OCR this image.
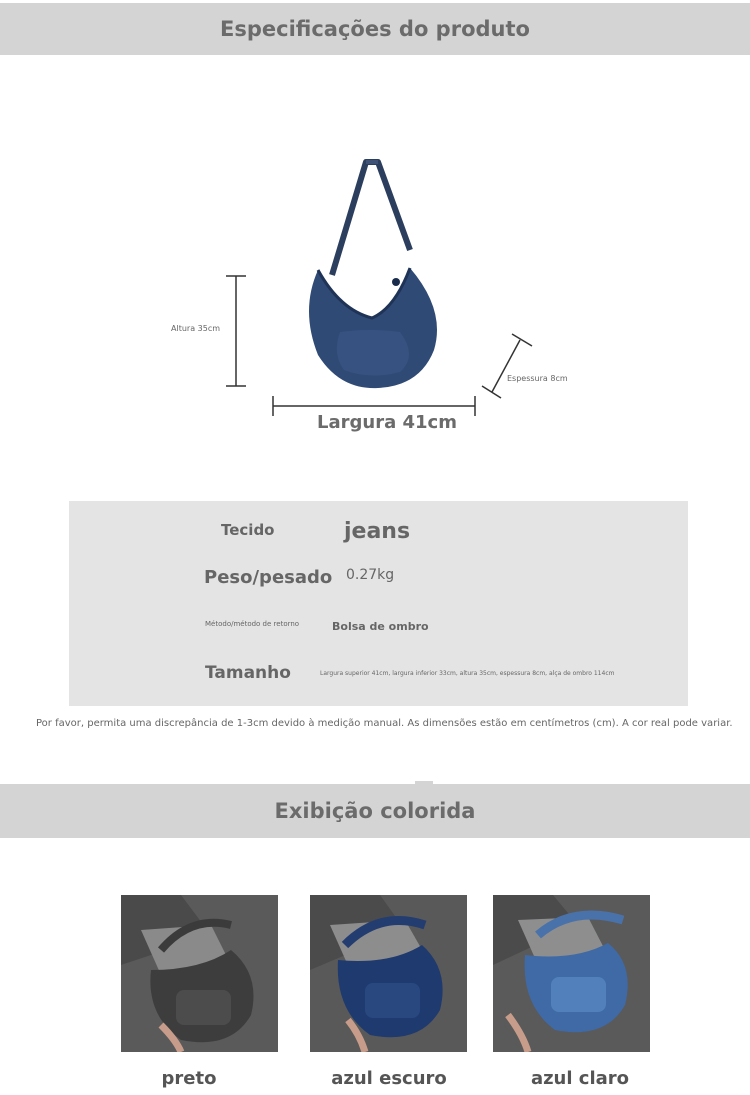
Especificações do produto
Altura 35cm
Espessura 8cm
Largura 41cm
Tecido	jeans
Peso/pesado 0.27kg
Método/método de retorno	Bolsa de ombro
Tamanho	Largura superior 41cm, largura inferior 33cm, altura 35cm, espessura 8cm, alça de ombro 114cm
Por favor, permita uma discrepância de 1-3cm devido à medição manual. As dimensões estão em centímetros (cm). A cor real pode variar.
Exibição colorida
preto	azul escuro	azul claro
